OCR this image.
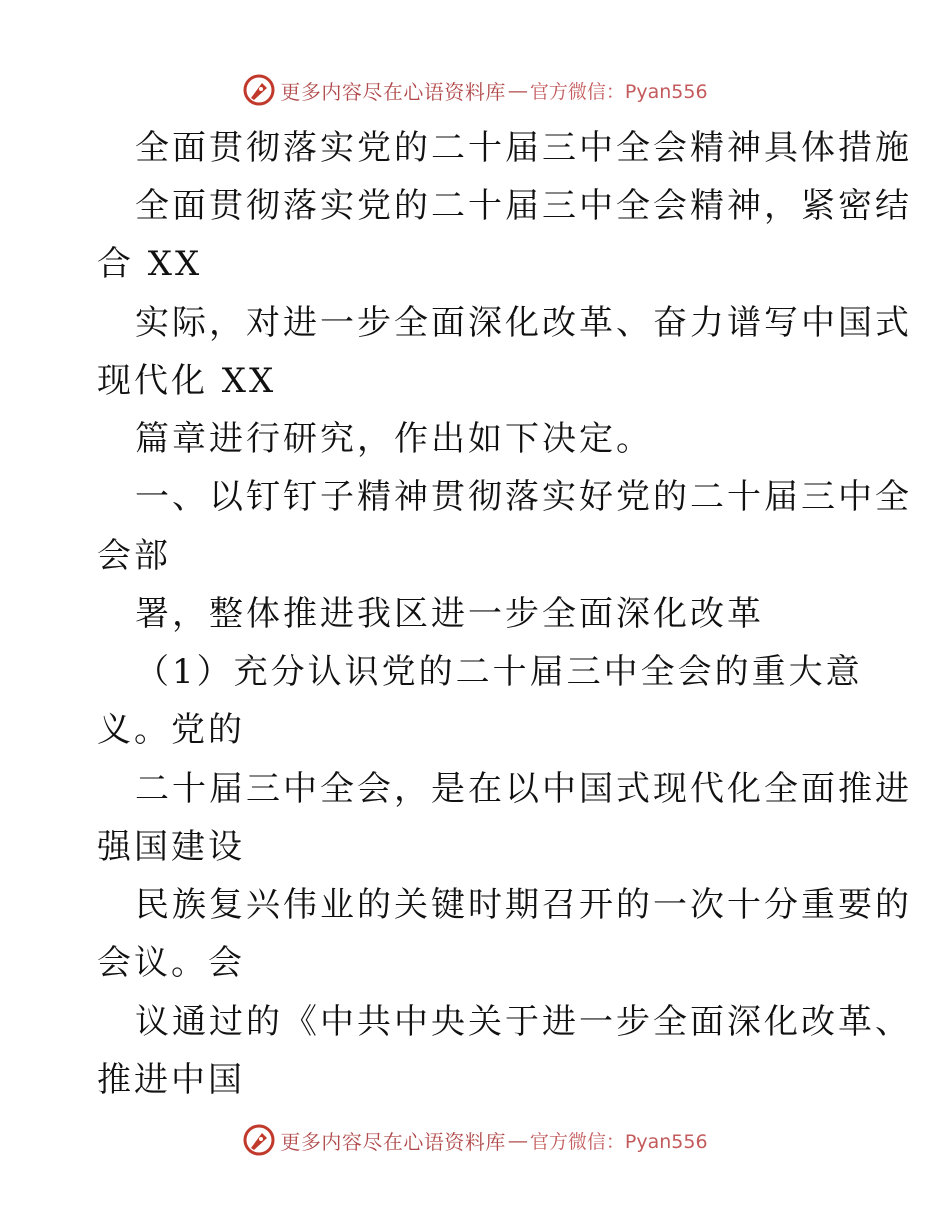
更多内容尽在心语资料库 — 官方微信：Pyan556
全面贯彻落实党的二十届三中全会精神具体措施
全面贯彻落实党的二十届三中全会精神，紧密结
合 XX
实际，对进一步全面深化改革、奋力谱写中国式
现代化 XX
篇章进行研究，作出如下决定。
一、以钉钉子精神贯彻落实好党的二十届三中全
会部
署，整体推进我区进一步全面深化改革
（1）充分认识党的二十届三中全会的重大意
义。党的
二十届三中全会，是在以中国式现代化全面推进
强国建设
民族复兴伟业的关键时期召开的一次十分重要的
会议。会
议通过的《中共中央关于进一步全面深化改革、
推进中国
更多内容尽在心语资料库 — 官方微信：Pyan556
